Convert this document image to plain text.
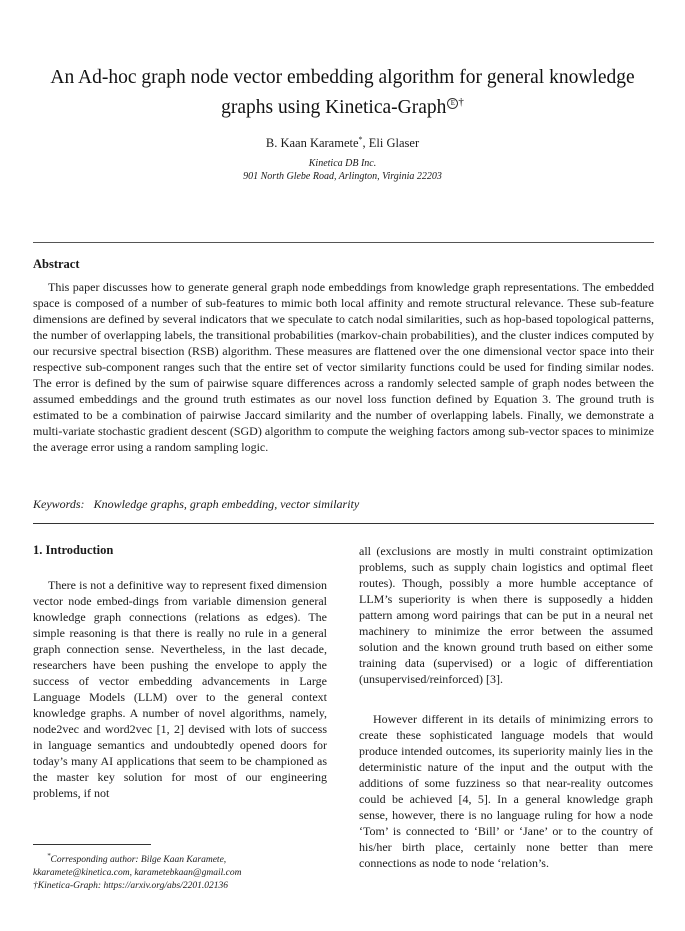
An Ad-hoc graph node vector embedding algorithm for general knowledge
graphs using Kinetica-Graph $^{E \dagger}$
B. Kaan Karamete*, Eli Glaser
Kinetica DB Inc.
901 North Glebe Road, Arlington, Virginia 22203
Abstract

This paper discusses how to generate general graph node embeddings from knowledge graph representations. The embedded space is composed of a number of sub-features to mimic both local affinity and remote structural relevance. These sub-feature dimensions are defined by several indicators that we speculate to catch nodal similarities, such as hop-based topological patterns, the number of overlapping labels, the transitional probabilities (markov-chain probabilities), and the cluster indices computed by our recursive spectral bisection (RSB) algorithm. These measures are flattened over the one dimensional vector space into their respective sub-component ranges such that the entire set of vector similarity functions could be used for finding similar nodes. The error is defined by the sum of pairwise square differences across a randomly selected sample of graph nodes between the assumed embeddings and the ground truth estimates as our novel loss function defined by Equation 3. The ground truth is estimated to be a combination of pairwise Jaccard similarity and the number of overlapping labels. Finally, we demonstrate a multi-variate stochastic gradient descent (SGD) algorithm to compute the weighing factors among sub-vector spaces to minimize the average error using a random sampling logic.

Keywords: Knowledge graphs, graph embedding, vector similarity
1. Introduction

There is not a definitive way to represent fixed dimension vector node embed-dings from variable dimension general knowledge graph connections (relations as edges). The simple reasoning is that there is really no rule in a general graph connection sense. Nevertheless, in the last decade, researchers have been pushing the envelope to apply the success of vector embedding advancements in Large Language Models (LLM) over to the general context knowledge graphs. A number of novel algorithms, namely, node2vec and word2vec [1, 2] devised with lots of success in language semantics and undoubtedly opened doors for today’s many AI applications that seem to be championed as the master key solution for most of our engineering problems, if not

all (exclusions are mostly in multi constraint optimization problems, such as supply chain logistics and optimal fleet routes). Though, possibly a more humble acceptance of LLM’s superiority is when there is supposedly a hidden pattern among word pairings that can be put in a neural net machinery to minimize the error between the assumed solution and the known ground truth based on either some training data (supervised) or a logic of differentiation (unsupervised/reinforced) [3].

However different in its details of minimizing errors to create these sophisticated language models that would produce intended outcomes, its superiority mainly lies in the deterministic nature of the input and the output with the additions of some fuzziness so that near-reality outcomes could be achieved [4, 5]. In a general knowledge graph sense, however, there is no language ruling for how a node ‘Tom’ is connected to ‘Bill’ or ‘Jane’ or to the country of his/her birth place, certainly none better than mere connections as node to node ‘relation’s.

*Corresponding author: Bilge Kaan Karamete,
kkaramete@kinetica.com, karametebkaan@gmail.com
†Kinetica-Graph: https://arxiv.org/abs/2201.02136
